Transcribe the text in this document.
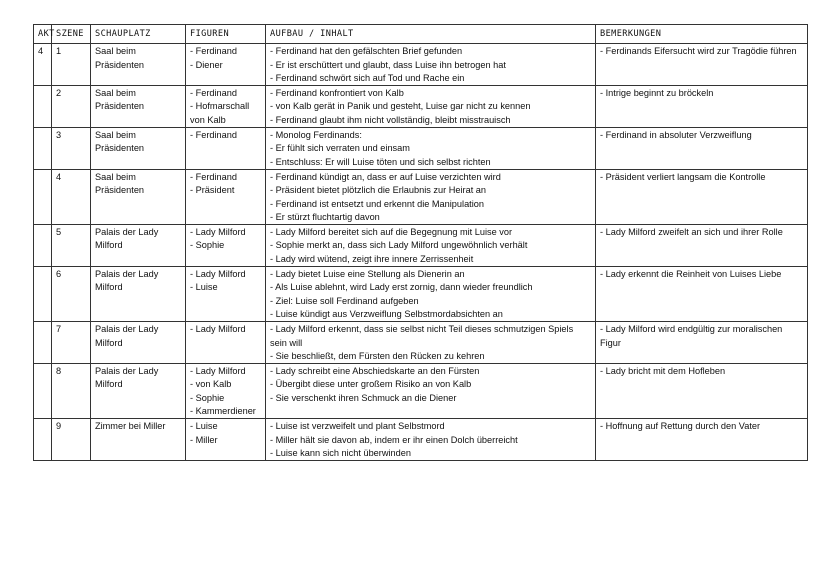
AKT	SZENE	SCHAUPLATZ	FIGUREN	AUFBAU / INHALT	BEMERKUNGEN
4	1	Saal beim Präsidenten	- Ferdinand
- Diener	- Ferdinand hat den gefälschten Brief gefunden
- Er ist erschüttert und glaubt, dass Luise ihn betrogen hat
- Ferdinand schwört sich auf Tod und Rache ein	- Ferdinands Eifersucht wird zur Tragödie führen
	2	Saal beim Präsidenten	- Ferdinand
- Hofmarschall von Kalb	- Ferdinand konfrontiert von Kalb
- von Kalb gerät in Panik und gesteht, Luise gar nicht zu kennen
- Ferdinand glaubt ihm nicht vollständig, bleibt misstrauisch	- Intrige beginnt zu bröckeln
	3	Saal beim Präsidenten	- Ferdinand	- Monolog Ferdinands:
- Er fühlt sich verraten und einsam
- Entschluss: Er will Luise töten und sich selbst richten	- Ferdinand in absoluter Verzweiflung
	4	Saal beim Präsidenten	- Ferdinand
- Präsident	- Ferdinand kündigt an, dass er auf Luise verzichten wird
- Präsident bietet plötzlich die Erlaubnis zur Heirat an
- Ferdinand ist entsetzt und erkennt die Manipulation
- Er stürzt fluchtartig davon	- Präsident verliert langsam die Kontrolle
	5	Palais der Lady Milford	- Lady Milford
- Sophie	- Lady Milford bereitet sich auf die Begegnung mit Luise vor
- Sophie merkt an, dass sich Lady Milford ungewöhnlich verhält
- Lady wird wütend, zeigt ihre innere Zerrissenheit	- Lady Milford zweifelt an sich und ihrer Rolle
	6	Palais der Lady Milford	- Lady Milford
- Luise	- Lady bietet Luise eine Stellung als Dienerin an
- Als Luise ablehnt, wird Lady erst zornig, dann wieder freundlich
- Ziel: Luise soll Ferdinand aufgeben
- Luise kündigt aus Verzweiflung Selbstmordabsichten an	- Lady erkennt die Reinheit von Luises Liebe
	7	Palais der Lady Milford	- Lady Milford	- Lady Milford erkennt, dass sie selbst nicht Teil dieses schmutzigen Spiels sein will
- Sie beschließt, dem Fürsten den Rücken zu kehren	- Lady Milford wird endgültig zur moralischen Figur
	8	Palais der Lady Milford	- Lady Milford
- von Kalb
- Sophie
- Kammerdiener	- Lady schreibt eine Abschiedskarte an den Fürsten
- Übergibt diese unter großem Risiko an von Kalb
- Sie verschenkt ihren Schmuck an die Diener	- Lady bricht mit dem Hofleben
	9	Zimmer bei Miller	- Luise
- Miller	- Luise ist verzweifelt und plant Selbstmord
- Miller hält sie davon ab, indem er ihr einen Dolch überreicht
- Luise kann sich nicht überwinden	- Hoffnung auf Rettung durch den Vater
